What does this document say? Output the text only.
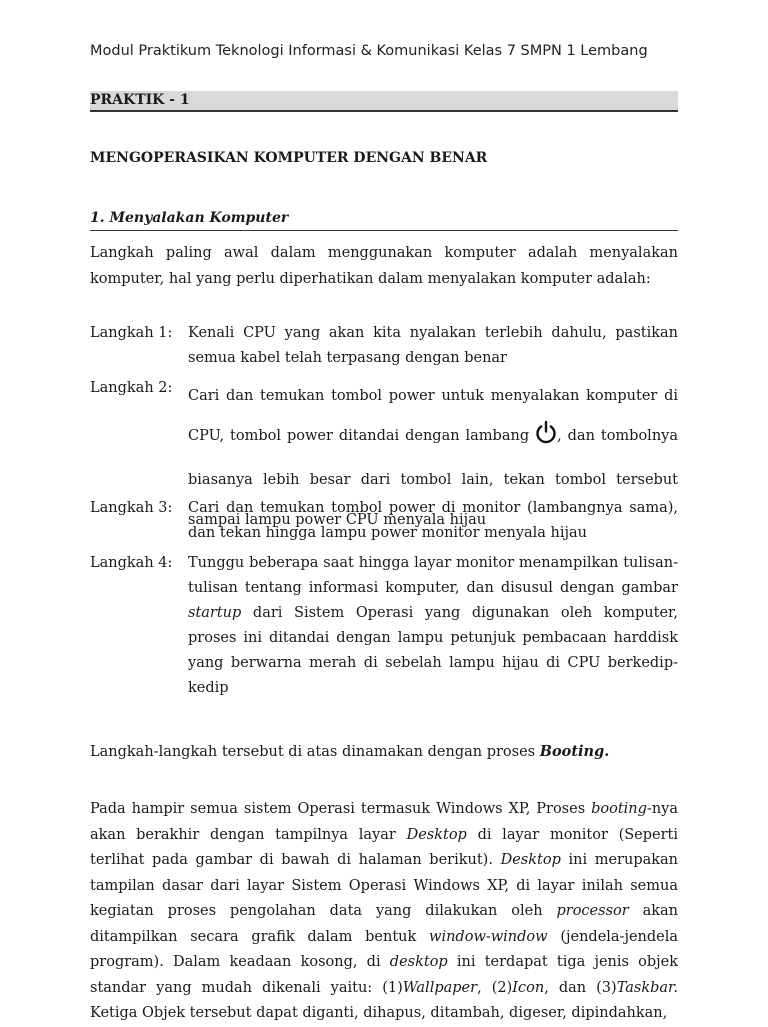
Modul Praktikum Teknologi Informasi & Komunikasi Kelas 7 SMPN 1 Lembang
PRAKTIK - 1
MENGOPERASIKAN KOMPUTER DENGAN BENAR
1. Menyalakan Komputer

Langkah paling awal dalam menggunakan komputer adalah menyalakan komputer, hal yang perlu diperhatikan dalam menyalakan komputer adalah:

Langkah 1:	Kenali CPU yang akan kita nyalakan terlebih dahulu, pastikan semua kabel telah terpasang dengan benar

Langkah 2:	Cari dan temukan tombol power untuk menyalakan komputer di CPU, tombol power ditandai dengan lambang , dan tombolnya biasanya lebih besar dari tombol lain, tekan tombol tersebut sampai lampu power CPU menyala hijau

Langkah 3:	Cari dan temukan tombol power di monitor (lambangnya sama), dan tekan hingga lampu power monitor menyala hijau

Langkah 4:	Tunggu beberapa saat hingga layar monitor menampilkan tulisan-tulisan tentang informasi komputer, dan disusul dengan gambar startup dari Sistem Operasi yang digunakan oleh komputer, proses ini ditandai dengan lampu petunjuk pembacaan harddisk yang berwarna merah di sebelah lampu hijau di CPU berkedip-kedip

Langkah-langkah tersebut di atas dinamakan dengan proses Booting.

Pada hampir semua sistem Operasi termasuk Windows XP, Proses booting-nya akan berakhir dengan tampilnya layar Desktop di layar monitor (Seperti terlihat pada gambar di bawah di halaman berikut). Desktop ini merupakan tampilan dasar dari layar Sistem Operasi Windows XP, di layar inilah semua kegiatan proses pengolahan data yang dilakukan oleh processor akan ditampilkan secara grafik dalam bentuk window-window (jendela-jendela program). Dalam keadaan kosong, di desktop ini terdapat tiga jenis objek standar yang mudah dikenali yaitu: (1)Wallpaper, (2)Icon, dan (3)Taskbar. Ketiga Objek tersebut dapat diganti, dihapus, ditambah, digeser, dipindahkan,
